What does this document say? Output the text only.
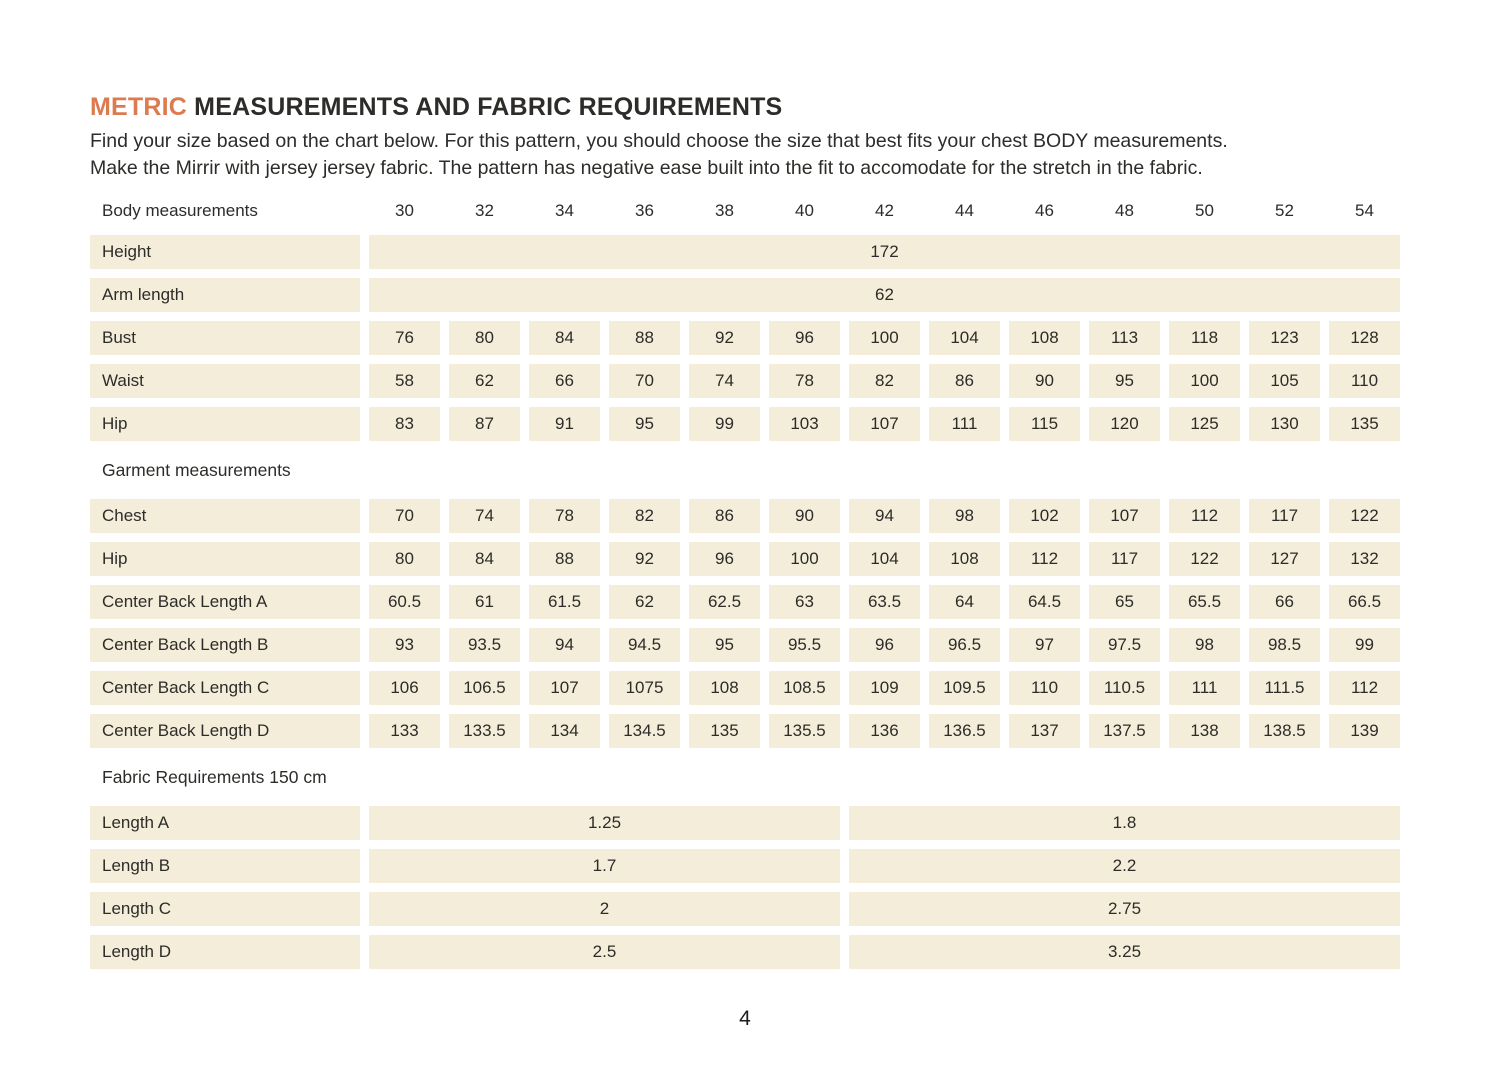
METRIC MEASUREMENTS AND FABRIC REQUIREMENTS

Find your size based on the chart below. For this pattern, you should choose the size that best fits your chest BODY measurements.
Make the Mirrir with jersey jersey fabric. The pattern has negative ease built into the fit to accomodate for the stretch in the fabric.

Body measurements	30	32	34	36	38	40	42	44	46	48	50	52	54
Height	172
Arm length	62
Bust	76	80	84	88	92	96	100	104	108	113	118	123	128
Waist	58	62	66	70	74	78	82	86	90	95	100	105	110
Hip	83	87	91	95	99	103	107	111	115	120	125	130	135
Garment measurements
Chest	70	74	78	82	86	90	94	98	102	107	112	117	122
Hip	80	84	88	92	96	100	104	108	112	117	122	127	132
Center Back Length A	60.5	61	61.5	62	62.5	63	63.5	64	64.5	65	65.5	66	66.5
Center Back Length B	93	93.5	94	94.5	95	95.5	96	96.5	97	97.5	98	98.5	99
Center Back Length C	106	106.5	107	1075	108	108.5	109	109.5	110	110.5	111	111.5	112
Center Back Length D	133	133.5	134	134.5	135	135.5	136	136.5	137	137.5	138	138.5	139
Fabric Requirements 150 cm
Length A	1.25	1.8
Length B	1.7	2.2
Length C	2	2.75
Length D	2.5	3.25
4
